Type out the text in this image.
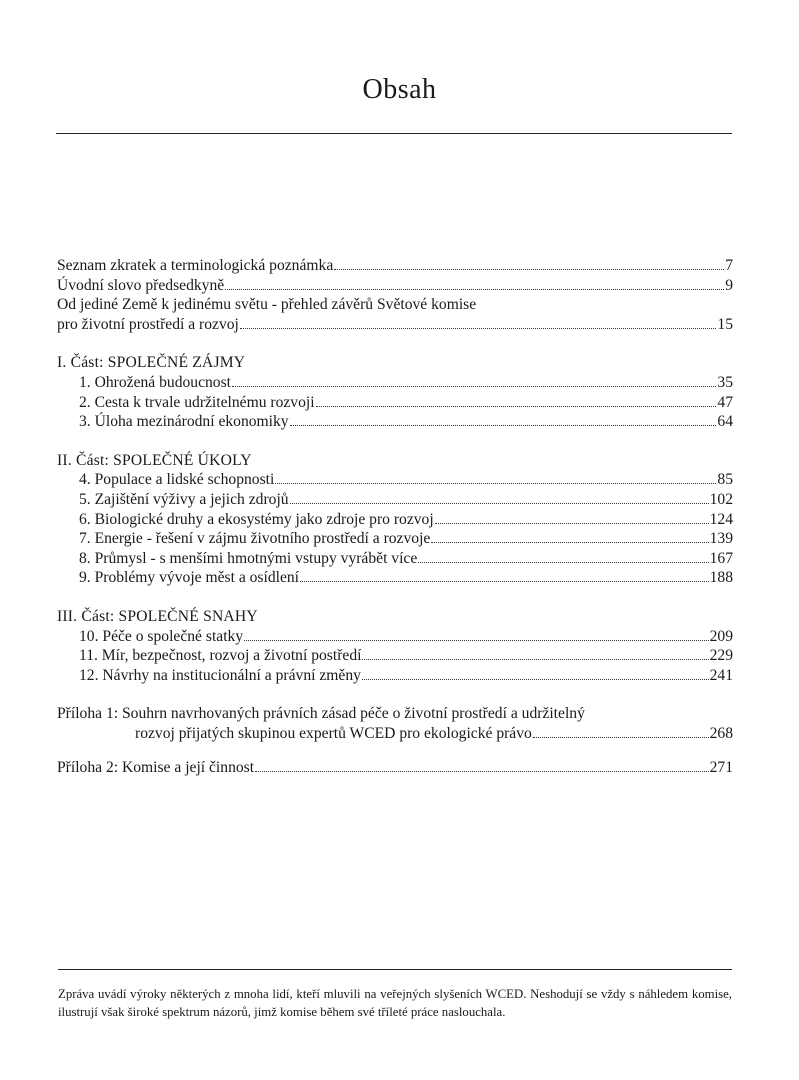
Obsah
Seznam zkratek a terminologická poznámka	7
Úvodní slovo předsedkyně	9
Od jediné Země k jedinému světu - přehled závěrů Světové komise
pro životní prostředí a rozvoj	15
I. Část: SPOLEČNÉ ZÁJMY
1. Ohrožená budoucnost	35
2. Cesta k trvale udržitelnému rozvoji	47
3. Úloha mezinárodní ekonomiky	64
II. Část: SPOLEČNÉ ÚKOLY
4. Populace a lidské schopnosti	85
5. Zajištění výživy a jejich zdrojů	102
6. Biologické druhy a ekosystémy jako zdroje pro rozvoj	124
7. Energie - řešení v zájmu životního prostředí a rozvoje	139
8. Průmysl - s menšími hmotnými vstupy vyrábět více	167
9. Problémy vývoje měst a osídlení	188
III. Část: SPOLEČNÉ SNAHY
10. Péče o společné statky	209
11. Mír, bezpečnost, rozvoj a životní postředí	229
12. Návrhy na institucionální a právní změny	241
Příloha 1: Souhrn navrhovaných právních zásad péče o životní prostředí a udržitelný
rozvoj přijatých skupinou expertů WCED pro ekologické právo	268
Příloha 2: Komise a její činnost	271
Zpráva uvádí výroky některých z mnoha lidí, kteří mluvili na veřejných slyšeních WCED. Neshodují se vždy s náhledem komise, ilustrují však široké spektrum názorů, jimž komise během své tříleté práce naslouchala.
